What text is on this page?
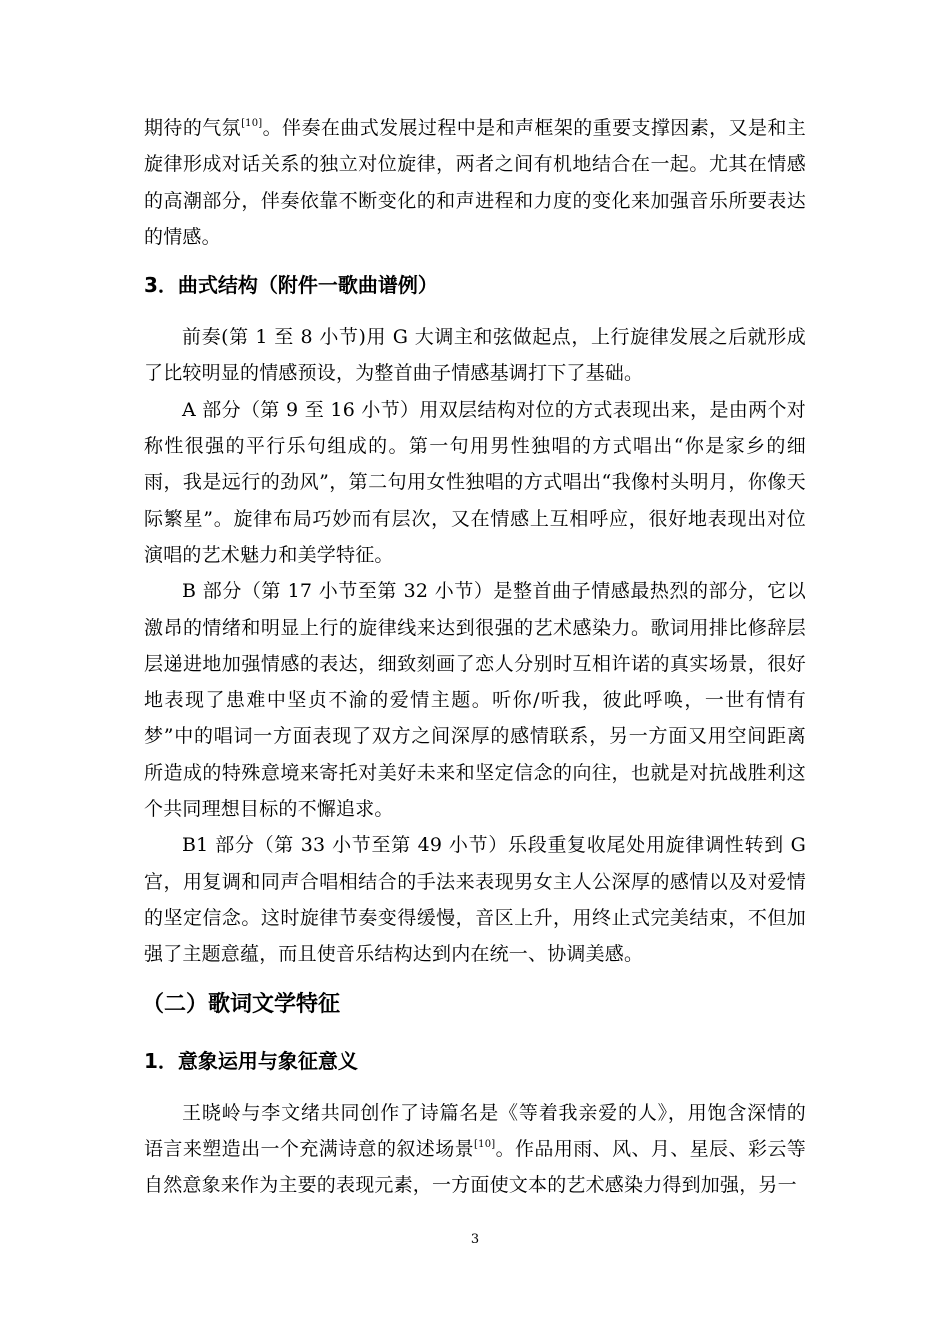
期待的气氛[10]。伴奏在曲式发展过程中是和声框架的重要支撑因素，又是和主旋律形成对话关系的独立对位旋律，两者之间有机地结合在一起。尤其在情感的高潮部分，伴奏依靠不断变化的和声进程和力度的变化来加强音乐所要表达的情感。

3．曲式结构（附件一歌曲谱例）

前奏(第 1 至 8 小节)用 G 大调主和弦做起点，上行旋律发展之后就形成了比较明显的情感预设，为整首曲子情感基调打下了基础。

A 部分（第 9 至 16 小节）用双层结构对位的方式表现出来，是由两个对称性很强的平行乐句组成的。第一句用男性独唱的方式唱出“你是家乡的细雨，我是远行的劲风”，第二句用女性独唱的方式唱出“我像村头明月，你像天际繁星”。旋律布局巧妙而有层次，又在情感上互相呼应，很好地表现出对位演唱的艺术魅力和美学特征。

B 部分（第 17 小节至第 32 小节）是整首曲子情感最热烈的部分，它以激昂的情绪和明显上行的旋律线来达到很强的艺术感染力。歌词用排比修辞层层递进地加强情感的表达，细致刻画了恋人分别时互相许诺的真实场景，很好地表现了患难中坚贞不渝的爱情主题。听你/听我，彼此呼唤，一世有情有梦”中的唱词一方面表现了双方之间深厚的感情联系，另一方面又用空间距离所造成的特殊意境来寄托对美好未来和坚定信念的向往，也就是对抗战胜利这个共同理想目标的不懈追求。

B1 部分（第 33 小节至第 49 小节）乐段重复收尾处用旋律调性转到 G 宫，用复调和同声合唱相结合的手法来表现男女主人公深厚的感情以及对爱情的坚定信念。这时旋律节奏变得缓慢，音区上升，用终止式完美结束，不但加强了主题意蕴，而且使音乐结构达到内在统一、协调美感。

（二）歌词文学特征
1．意象运用与象征意义

王晓岭与李文绪共同创作了诗篇名是《等着我亲爱的人》，用饱含深情的语言来塑造出一个充满诗意的叙述场景[10]。作品用雨、风、月、星辰、彩云等自然意象来作为主要的表现元素，一方面使文本的艺术感染力得到加强，另一

3
